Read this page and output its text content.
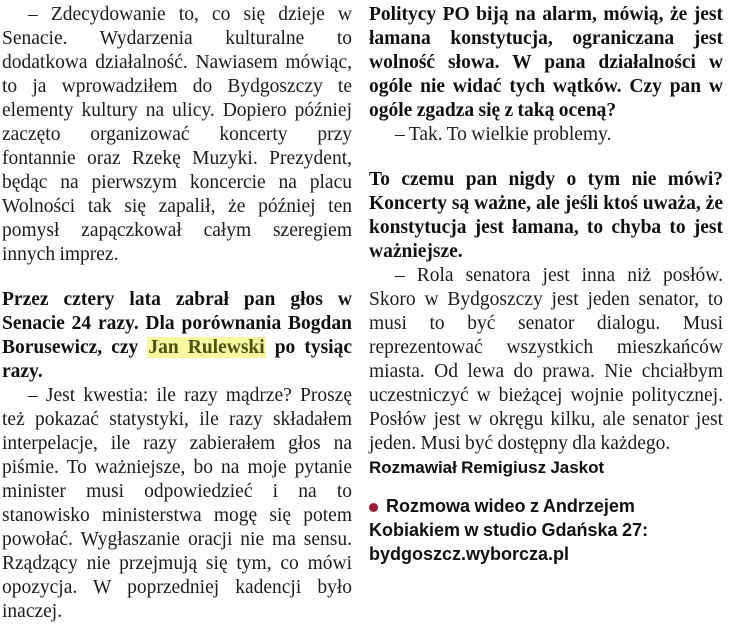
– Zdecydowanie to, co się dzieje w Senacie. Wydarzenia kulturalne to dodatkowa działalność. Nawiasem mówiąc, to ja wprowadziłem do Bydgoszczy te elementy kultury na ulicy. Dopiero później zaczęto organizować koncerty przy fontannie oraz Rzekę Muzyki. Prezydent, będąc na pierwszym koncercie na placu Wolności tak się zapalił, że później ten pomysł zapączkował całym szeregiem innych imprez.

Przez cztery lata zabrał pan głos w Senacie 24 razy. Dla porównania Bogdan Borusewicz, czy Jan Rulewski po tysiąc razy.

– Jest kwestia: ile razy mądrze? Proszę też pokazać statystyki, ile razy składałem interpelacje, ile razy zabierałem głos na piśmie. To ważniejsze, bo na moje pytanie minister musi odpowiedzieć i na to stanowisko ministerstwa mogę się potem powołać. Wygłaszanie oracji nie ma sensu. Rządzący nie przejmują się tym, co mówi opozycja. W poprzedniej kadencji było inaczej.

Politycy PO biją na alarm, mówią, że jest łamana konstytucja, ograniczana jest wolność słowa. W pana działalności w ogóle nie widać tych wątków. Czy pan w ogóle zgadza się z taką oceną?

– Tak. To wielkie problemy.

To czemu pan nigdy o tym nie mówi? Koncerty są ważne, ale jeśli ktoś uważa, że konstytucja jest łamana, to chyba to jest ważniejsze.

– Rola senatora jest inna niż posłów. Skoro w Bydgoszczy jest jeden senator, to musi to być senator dialogu. Musi reprezentować wszystkich mieszkańców miasta. Od lewa do prawa. Nie chciałbym uczestniczyć w bieżącej wojnie politycznej. Posłów jest w okręgu kilku, ale senator jest jeden. Musi być dostępny dla każdego.

Rozmawiał Remigiusz Jaskot

Rozmowa wideo z Andrzejem Kobiakiem w studio Gdańska 27: bydgoszcz.wyborcza.pl
